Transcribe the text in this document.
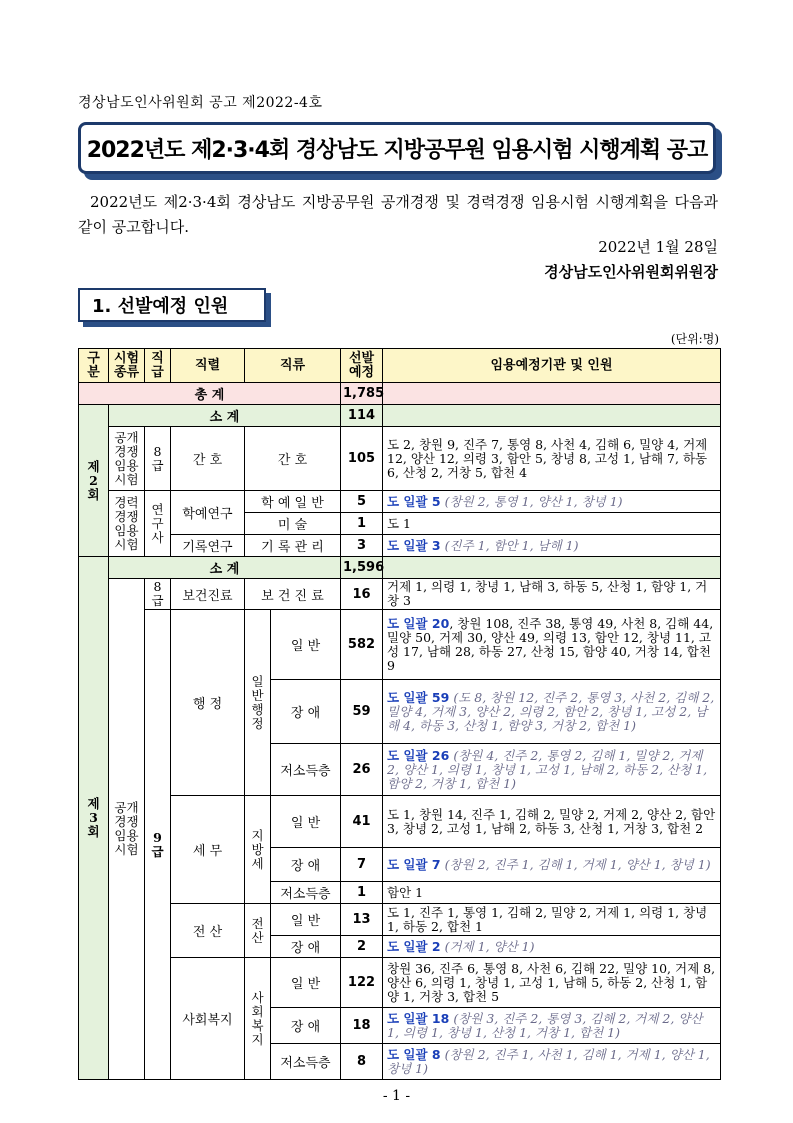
경상남도인사위원회 공고 제2022-4호
2022년도 제2·3·4회 경상남도 지방공무원 임용시험 시행계획 공고
2022년도 제2·3·4회 경상남도 지방공무원 공개경쟁 및 경력경쟁 임용시험 시행계획을 다음과 같이 공고합니다.
2022년 1월 28일
경상남도인사위원회위원장
1. 선발예정 인원
(단위:명)
구분	시험 종류	직급	직렬	직류		선발 예정	임용예정기관 및 인원
총 계						1,785	
제 2 회	소 계					114	
	공개 경쟁 임용 시험	8 급	간 호	간 호		105	도 2, 창원 9, 진주 7, 통영 8, 사천 4, 김해 6, 밀양 4, 거제 12, 양산 12, 의령 3, 함안 5, 창녕 8, 고성 1, 남해 7, 하동 6, 산청 2, 거창 5, 합천 4
	경력 경쟁 임용 시험	연 구 사	학예연구	학 예 일 반		5	도 일괄 5 (창원 2, 통영 1, 양산 1, 창녕 1)
				미 술		1	도 1
			기록연구	기 록 관 리		3	도 일괄 3 (진주 1, 함안 1, 남해 1)
제 3 회	소 계					1,596	
	공개 경쟁 임용 시험	8 급	보건진료	보 건 진 료		16	거제 1, 의령 1, 창녕 1, 남해 3, 하동 5, 산청 1, 함양 1, 거창 3
		9 급	행 정	일반 행정	일 반	582	도 일괄 20, 창원 108, 진주 38, 통영 49, 사천 8, 김해 44, 밀양 50, 거제 30, 양산 49, 의령 13, 함안 12, 창녕 11, 고성 17, 남해 28, 하동 27, 산청 15, 함양 40, 거창 14, 합천 9
					장 애	59	도 일괄 59 (도 8, 창원 12, 진주 2, 통영 3, 사천 2, 김해 2, 밀양 4, 거제 3, 양산 2, 의령 2, 함안 2, 창녕 1, 고성 2, 남해 4, 하동 3, 산청 1, 함양 3, 거창 2, 합천 1)
					저소득층	26	도 일괄 26 (창원 4, 진주 2, 통영 2, 김해 1, 밀양 2, 거제 2, 양산 1, 의령 1, 창녕 1, 고성 1, 남해 2, 하동 2, 산청 1, 함양 2, 거창 1, 합천 1)
			세 무	지방세	일 반	41	도 1, 창원 14, 진주 1, 김해 2, 밀양 2, 거제 2, 양산 2, 함안 3, 창녕 2, 고성 1, 남해 2, 하동 3, 산청 1, 거창 3, 합천 2
					장 애	7	도 일괄 7 (창원 2, 진주 1, 김해 1, 거제 1, 양산 1, 창녕 1)
					저소득층	1	함안 1
			전 산	전산	일 반	13	도 1, 진주 1, 통영 1, 김해 2, 밀양 2, 거제 1, 의령 1, 창녕 1, 하동 2, 합천 1
					장 애	2	도 일괄 2 (거제 1, 양산 1)
			사회복지	사회 복지	일 반	122	창원 36, 진주 6, 통영 8, 사천 6, 김해 22, 밀양 10, 거제 8, 양산 6, 의령 1, 창녕 1, 고성 1, 남해 5, 하동 2, 산청 1, 함양 1, 거창 3, 합천 5
					장 애	18	도 일괄 18 (창원 3, 진주 2, 통영 3, 김해 2, 거제 2, 양산 1, 의령 1, 창녕 1, 산청 1, 거창 1, 합천 1)
					저소득층	8	도 일괄 8 (창원 2, 진주 1, 사천 1, 김해 1, 거제 1, 양산 1, 창녕 1)
- 1 -
